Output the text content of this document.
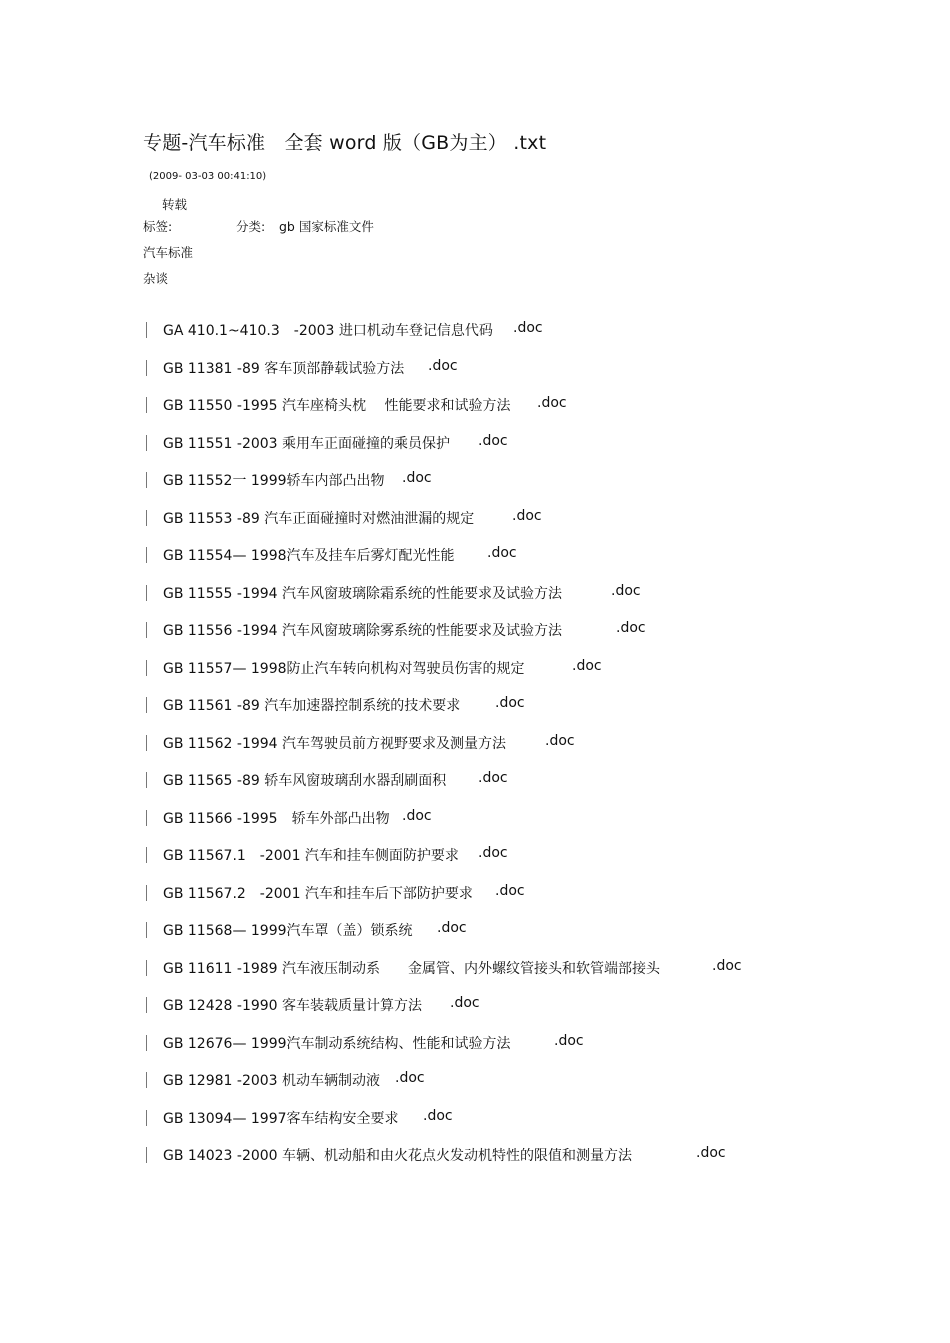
专题-汽车标准　全套 word 版（GB为主） .txt
(2009- 03-03 00:41:10)
转载
标签:	分类: gb 国家标准文件
汽车标准
杂谈
GA 410.1~410.3　-2003 进口机动车登记信息代码 .doc
GB 11381 -89 客车顶部静载试验方法 .doc
GB 11550 -1995 汽车座椅头枕　 性能要求和试验方法 .doc
GB 11551 -2003 乘用车正面碰撞的乘员保护 .doc
GB 11552一 1999轿车内部凸出物 .doc
GB 11553 -89 汽车正面碰撞时对燃油泄漏的规定	.doc
GB 11554— 1998汽车及挂车后雾灯配光性能 .doc
GB 11555 -1994 汽车风窗玻璃除霜系统的性能要求及试验方法	.doc
GB 11556 -1994 汽车风窗玻璃除雾系统的性能要求及试验方法	.doc
GB 11557— 1998防止汽车转向机构对驾驶员伤害的规定	.doc
GB 11561 -89 汽车加速器控制系统的技术要求 .doc
GB 11562 -1994 汽车驾驶员前方视野要求及测量方法	.doc
GB 11565 -89 轿车风窗玻璃刮水器刮刷面积 .doc
GB 11566 -1995　轿车外部凸出物 .doc
GB 11567.1　-2001 汽车和挂车侧面防护要求 .doc
GB 11567.2　-2001 汽车和挂车后下部防护要求 .doc
GB 11568— 1999汽车罩（盖）锁系统 .doc
GB 11611 -1989 汽车液压制动系　　金属管、内外螺纹管接头和软管端部接头	.doc
GB 12428 -1990 客车装载质量计算方法 .doc
GB 12676— 1999汽车制动系统结构、性能和试验方法	.doc
GB 12981 -2003 机动车辆制动液 .doc
GB 13094— 1997客车结构安全要求 .doc
GB 14023 -2000 车辆、机动船和由火花点火发动机特性的限值和测量方法	.doc
